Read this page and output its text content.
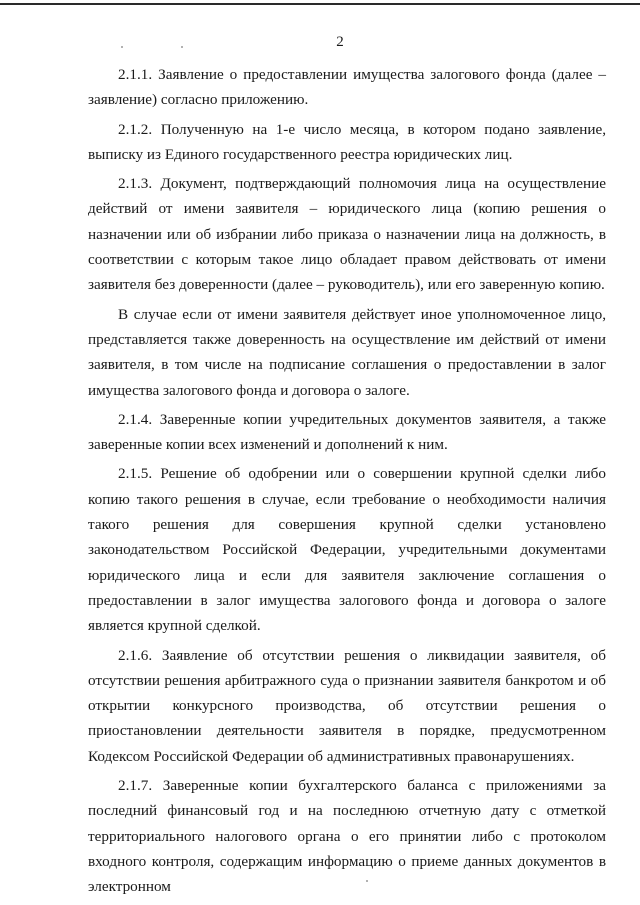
2

2.1.1. Заявление о предоставлении имущества залогового фонда (далее – заявление) согласно приложению.

2.1.2. Полученную на 1-е число месяца, в котором подано заявление, выписку из Единого государственного реестра юридических лиц.

2.1.3. Документ, подтверждающий полномочия лица на осуществление действий от имени заявителя – юридического лица (копию решения о назначении или об избрании либо приказа о назначении лица на должность, в соответствии с которым такое лицо обладает правом действовать от имени заявителя без доверенности (далее – руководитель), или его заверенную копию.

В случае если от имени заявителя действует иное уполномоченное лицо, представляется также доверенность на осуществление им действий от имени заявителя, в том числе на подписание соглашения о предоставлении в залог имущества залогового фонда и договора о залоге.

2.1.4. Заверенные копии учредительных документов заявителя, а также заверенные копии всех изменений и дополнений к ним.

2.1.5. Решение об одобрении или о совершении крупной сделки либо копию такого решения в случае, если требование о необходимости наличия такого решения для совершения крупной сделки установлено законодательством Российской Федерации, учредительными документами юридического лица и если для заявителя заключение соглашения о предоставлении в залог имущества залогового фонда и договора о залоге является крупной сделкой.

2.1.6. Заявление об отсутствии решения о ликвидации заявителя, об отсутствии решения арбитражного суда о признании заявителя банкротом и об открытии конкурсного производства, об отсутствии решения о приостановлении деятельности заявителя в порядке, предусмотренном Кодексом Российской Федерации об административных правонарушениях.

2.1.7. Заверенные копии бухгалтерского баланса с приложениями за последний финансовый год и на последнюю отчетную дату с отметкой территориального налогового органа о его принятии либо с протоколом входного контроля, содержащим информацию о приеме данных документов в электронном
